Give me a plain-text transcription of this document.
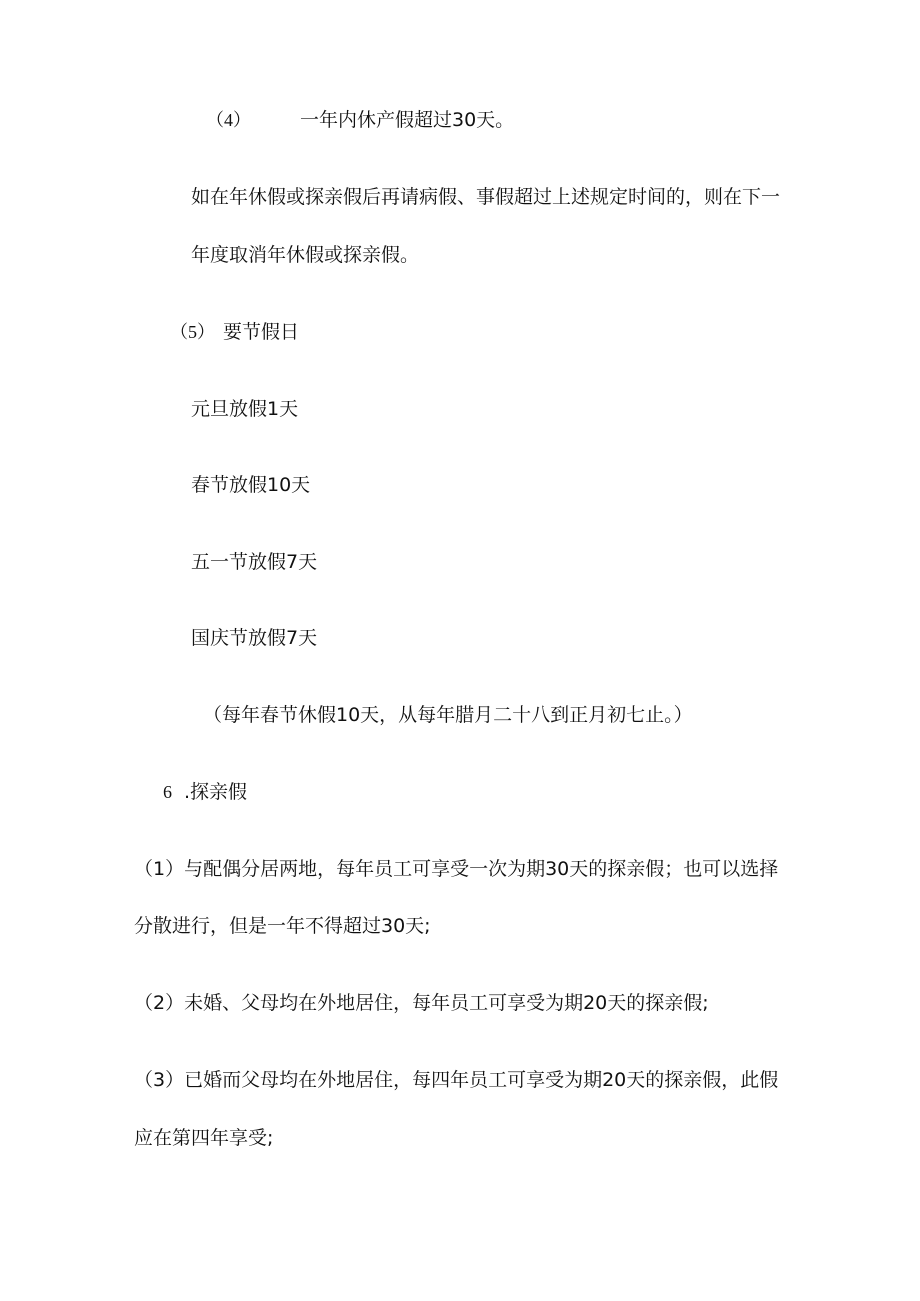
（4）	一年内休产假超过30天。
如在年休假或探亲假后再请病假、事假超过上述规定时间的，则在下一
年度取消年休假或探亲假。
（5） 要节假日
元旦放假1天
春节放假10天
五一节放假7天
国庆节放假7天
（每年春节休假10天，从每年腊月二十八到正月初七止。）
6 .探亲假
（1）与配偶分居两地，每年员工可享受一次为期30天的探亲假；也可以选择
分散进行，但是一年不得超过30天;
（2）未婚、父母均在外地居住，每年员工可享受为期20天的探亲假;
（3）已婚而父母均在外地居住，每四年员工可享受为期20天的探亲假，此假
应在第四年享受;
